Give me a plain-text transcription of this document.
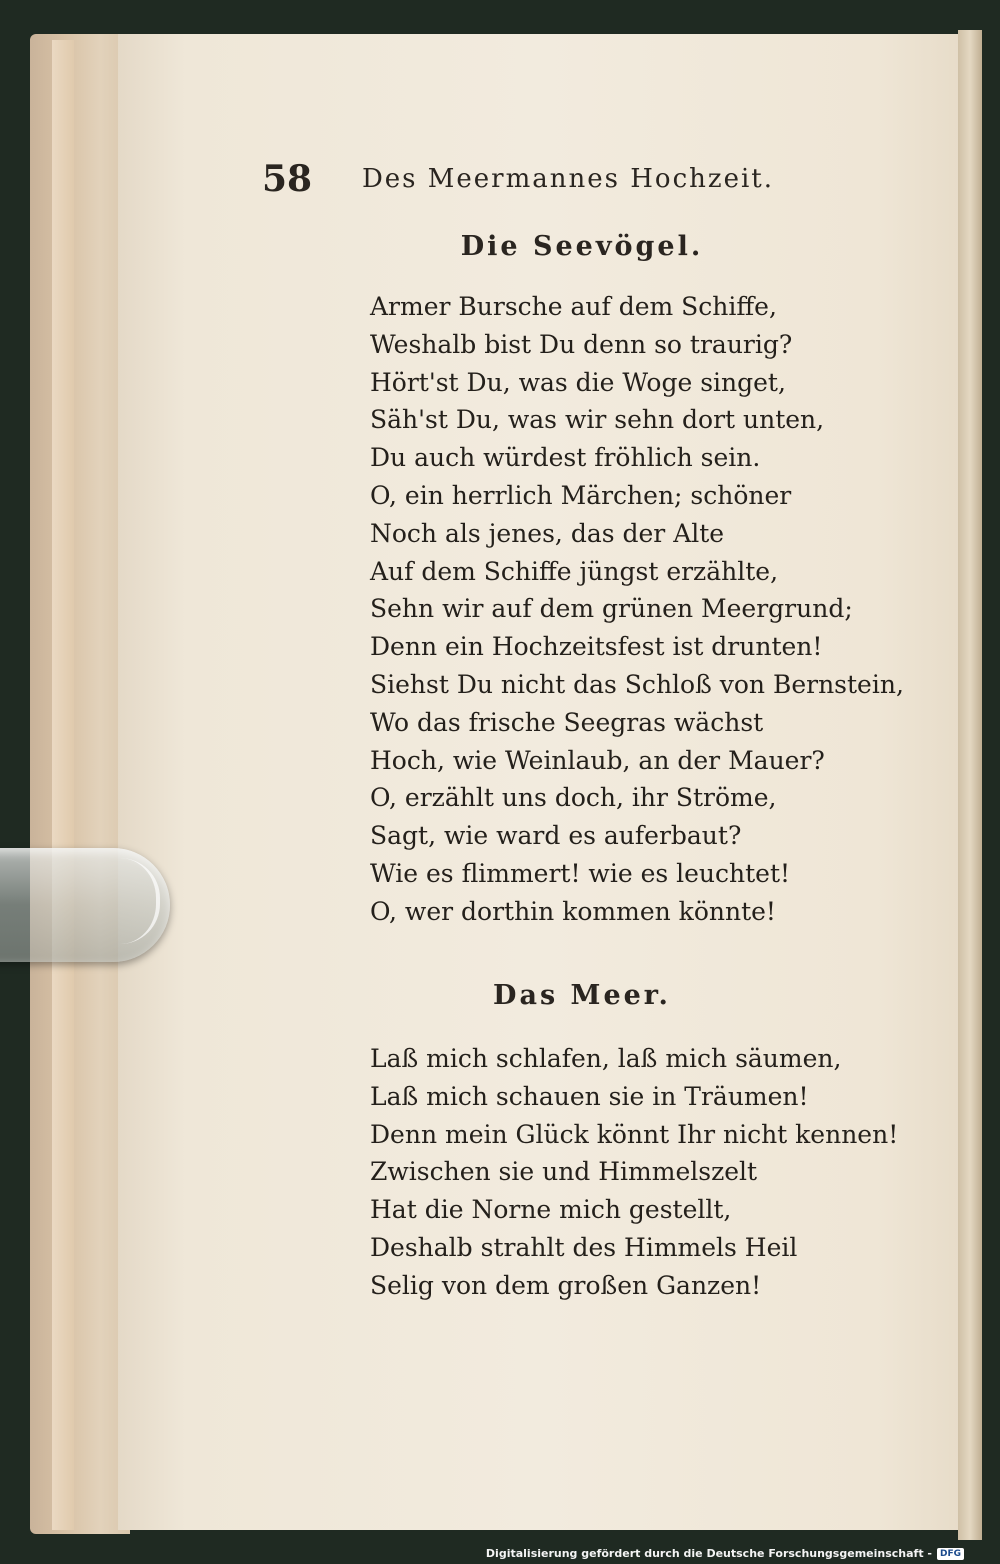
58 Des Meermannes Hochzeit.
Die Seevögel.
Armer Bursche auf dem Schiffe,
Weshalb bist Du denn so traurig?
Hört'st Du, was die Woge singet,
Säh'st Du, was wir sehn dort unten,
Du auch würdest fröhlich sein.
O, ein herrlich Märchen; schöner
Noch als jenes, das der Alte
Auf dem Schiffe jüngst erzählte,
Sehn wir auf dem grünen Meergrund;
Denn ein Hochzeitsfest ist drunten!
Siehst Du nicht das Schloß von Bernstein,
Wo das frische Seegras wächst
Hoch, wie Weinlaub, an der Mauer?
O, erzählt uns doch, ihr Ströme,
Sagt, wie ward es auferbaut?
Wie es flimmert! wie es leuchtet!
O, wer dorthin kommen könnte!
Das Meer.
Laß mich schlafen, laß mich säumen,
Laß mich schauen sie in Träumen!
Denn mein Glück könnt Ihr nicht kennen!
Zwischen sie und Himmelszelt
Hat die Norne mich gestellt,
Deshalb strahlt des Himmels Heil
Selig von dem großen Ganzen!
Digitalisierung gefördert durch die Deutsche Forschungsgemeinschaft - DFG
